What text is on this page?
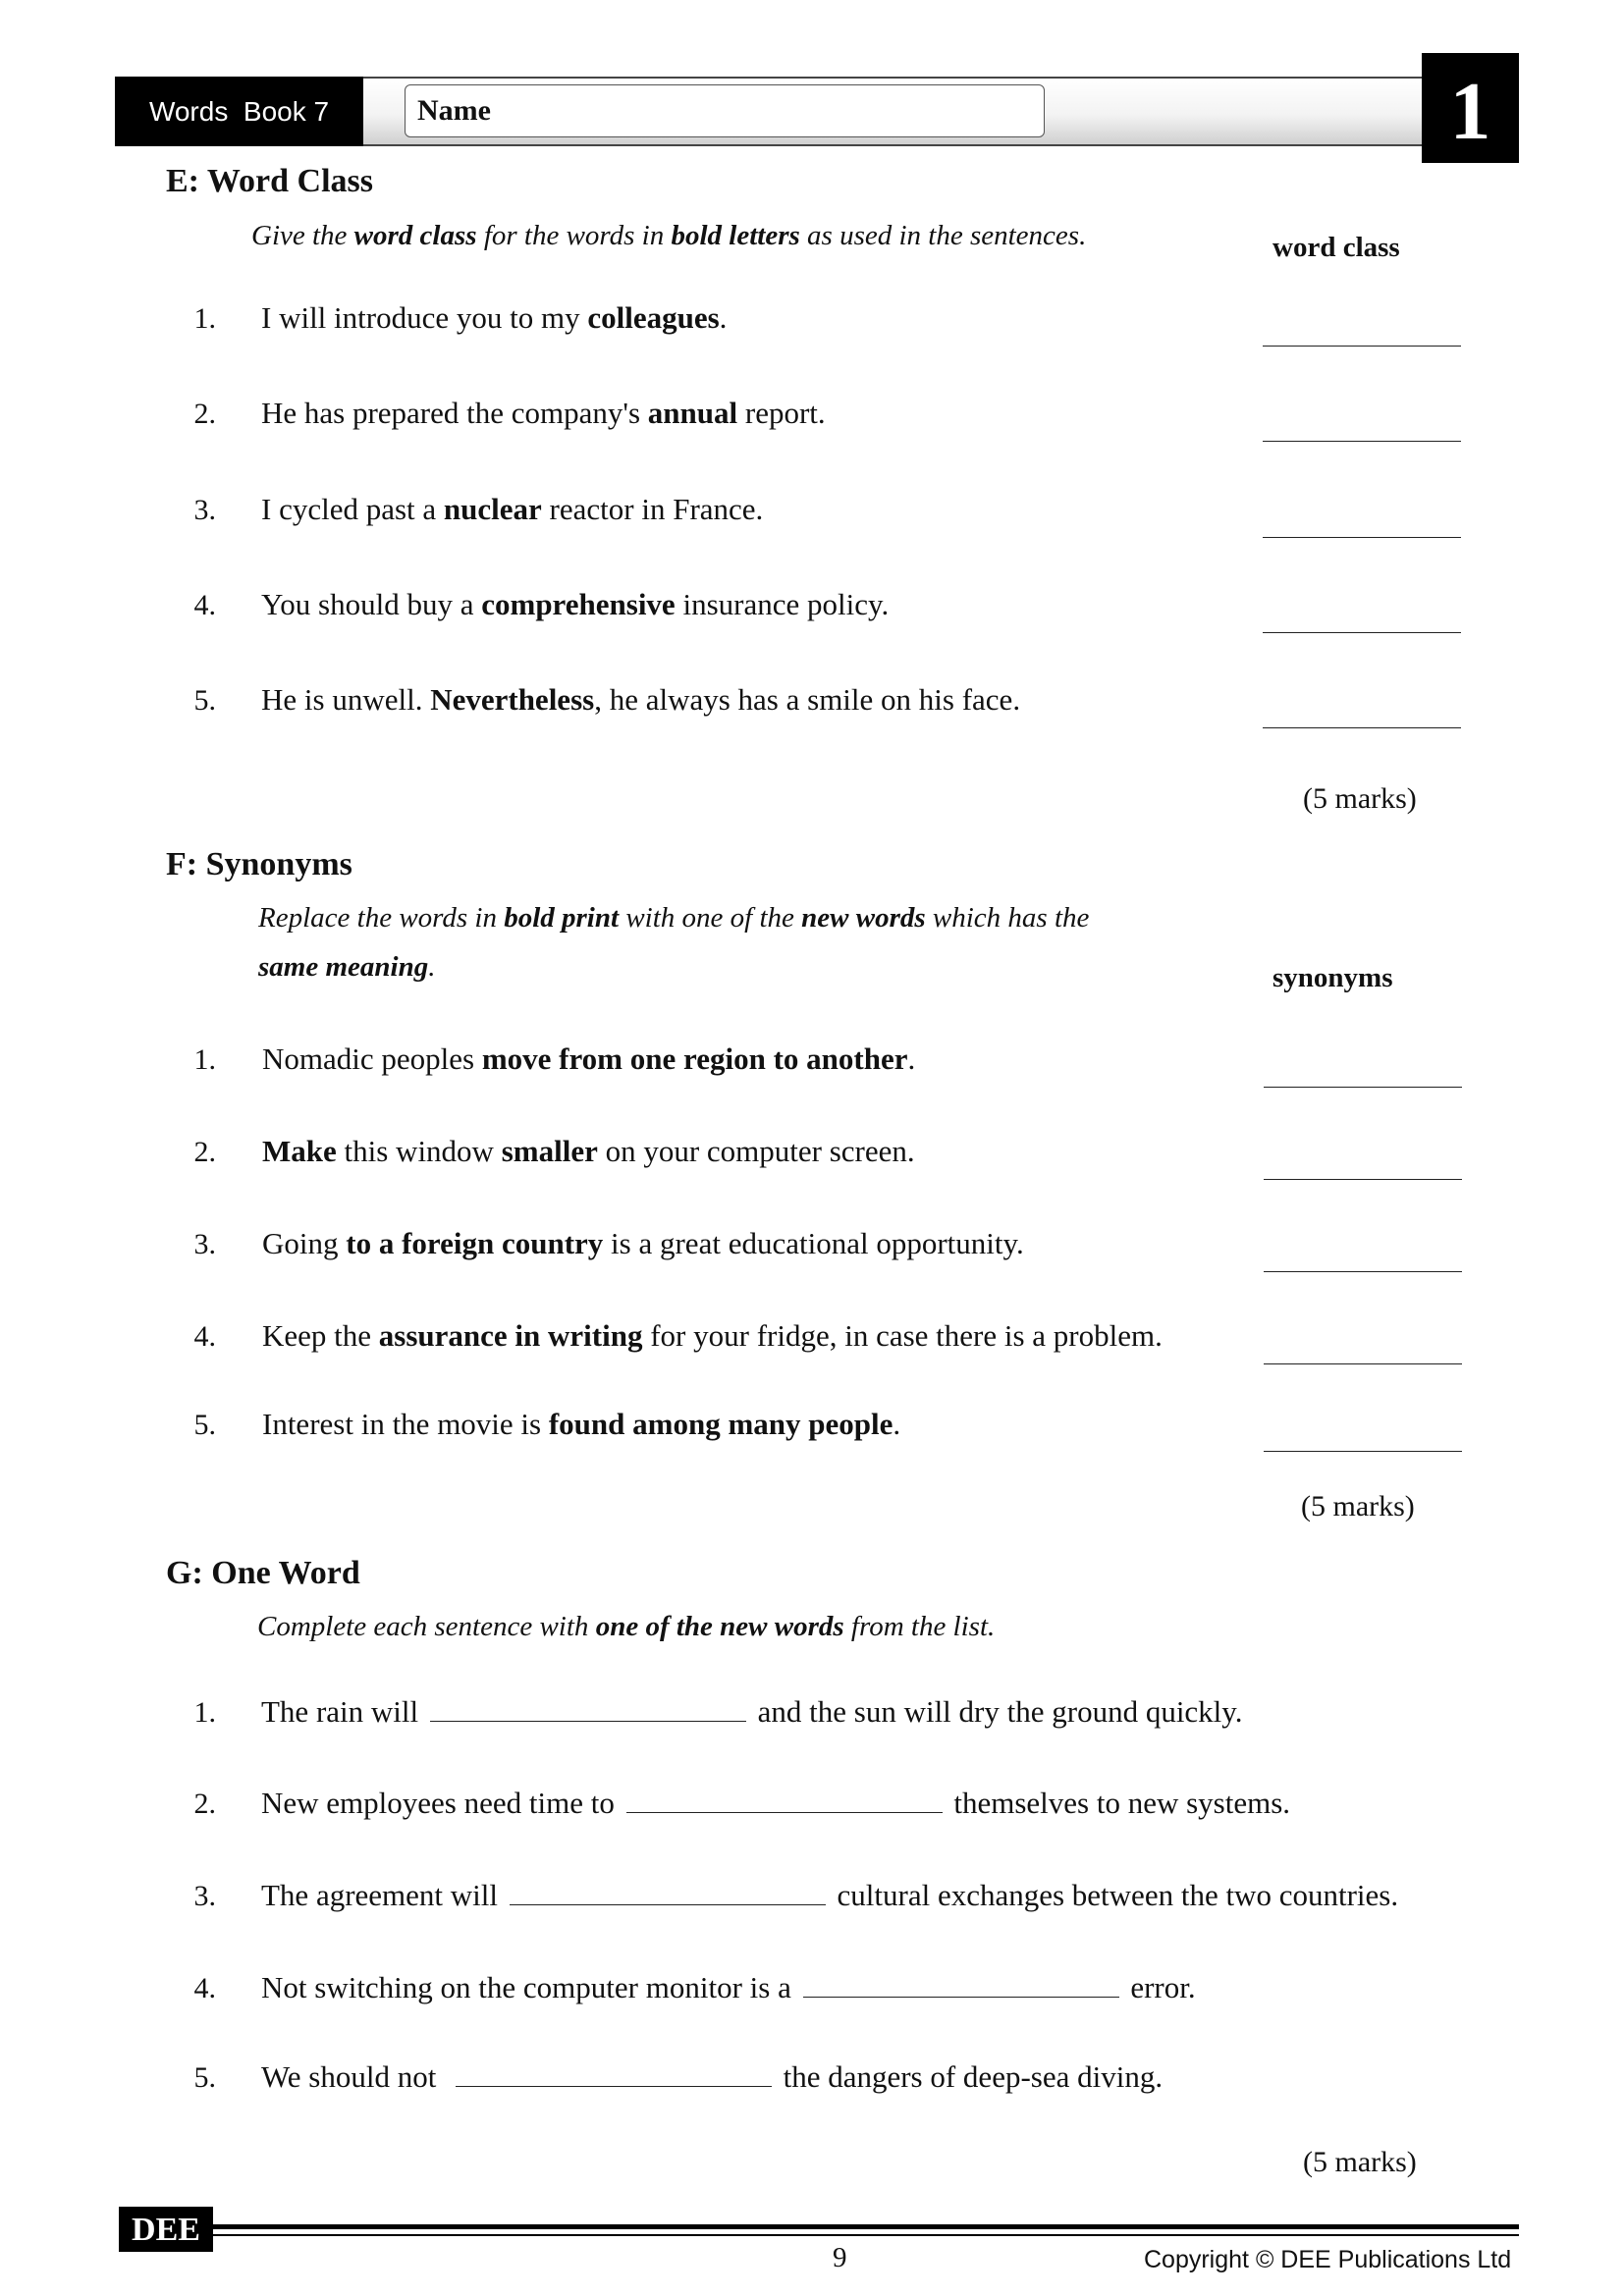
Words  Book 7	Name	1
E: Word Class
Give the word class for the words in bold letters as used in the sentences.	word class
1. I will introduce you to my colleagues.
2. He has prepared the company's annual report.
3. I cycled past a nuclear reactor in France.
4. You should buy a comprehensive insurance policy.
5. He is unwell. Nevertheless, he always has a smile on his face.
(5 marks)
F: Synonyms
Replace the words in bold print with one of the new words which has the
same meaning.	synonyms
1. Nomadic peoples move from one region to another.
2. Make this window smaller on your computer screen.
3. Going to a foreign country is a great educational opportunity.
4. Keep the assurance in writing for your fridge, in case there is a problem.
5. Interest in the movie is found among many people.
(5 marks)
G: One Word
Complete each sentence with one of the new words from the list.
1. The rain will	and the sun will dry the ground quickly.
2. New employees need time to	themselves to new systems.
3. The agreement will	cultural exchanges between the two countries.
4. Not switching on the computer monitor is a	error.
5. We should not	the dangers of deep-sea diving.
(5 marks)
DEE
9	Copyright © DEE Publications Ltd
